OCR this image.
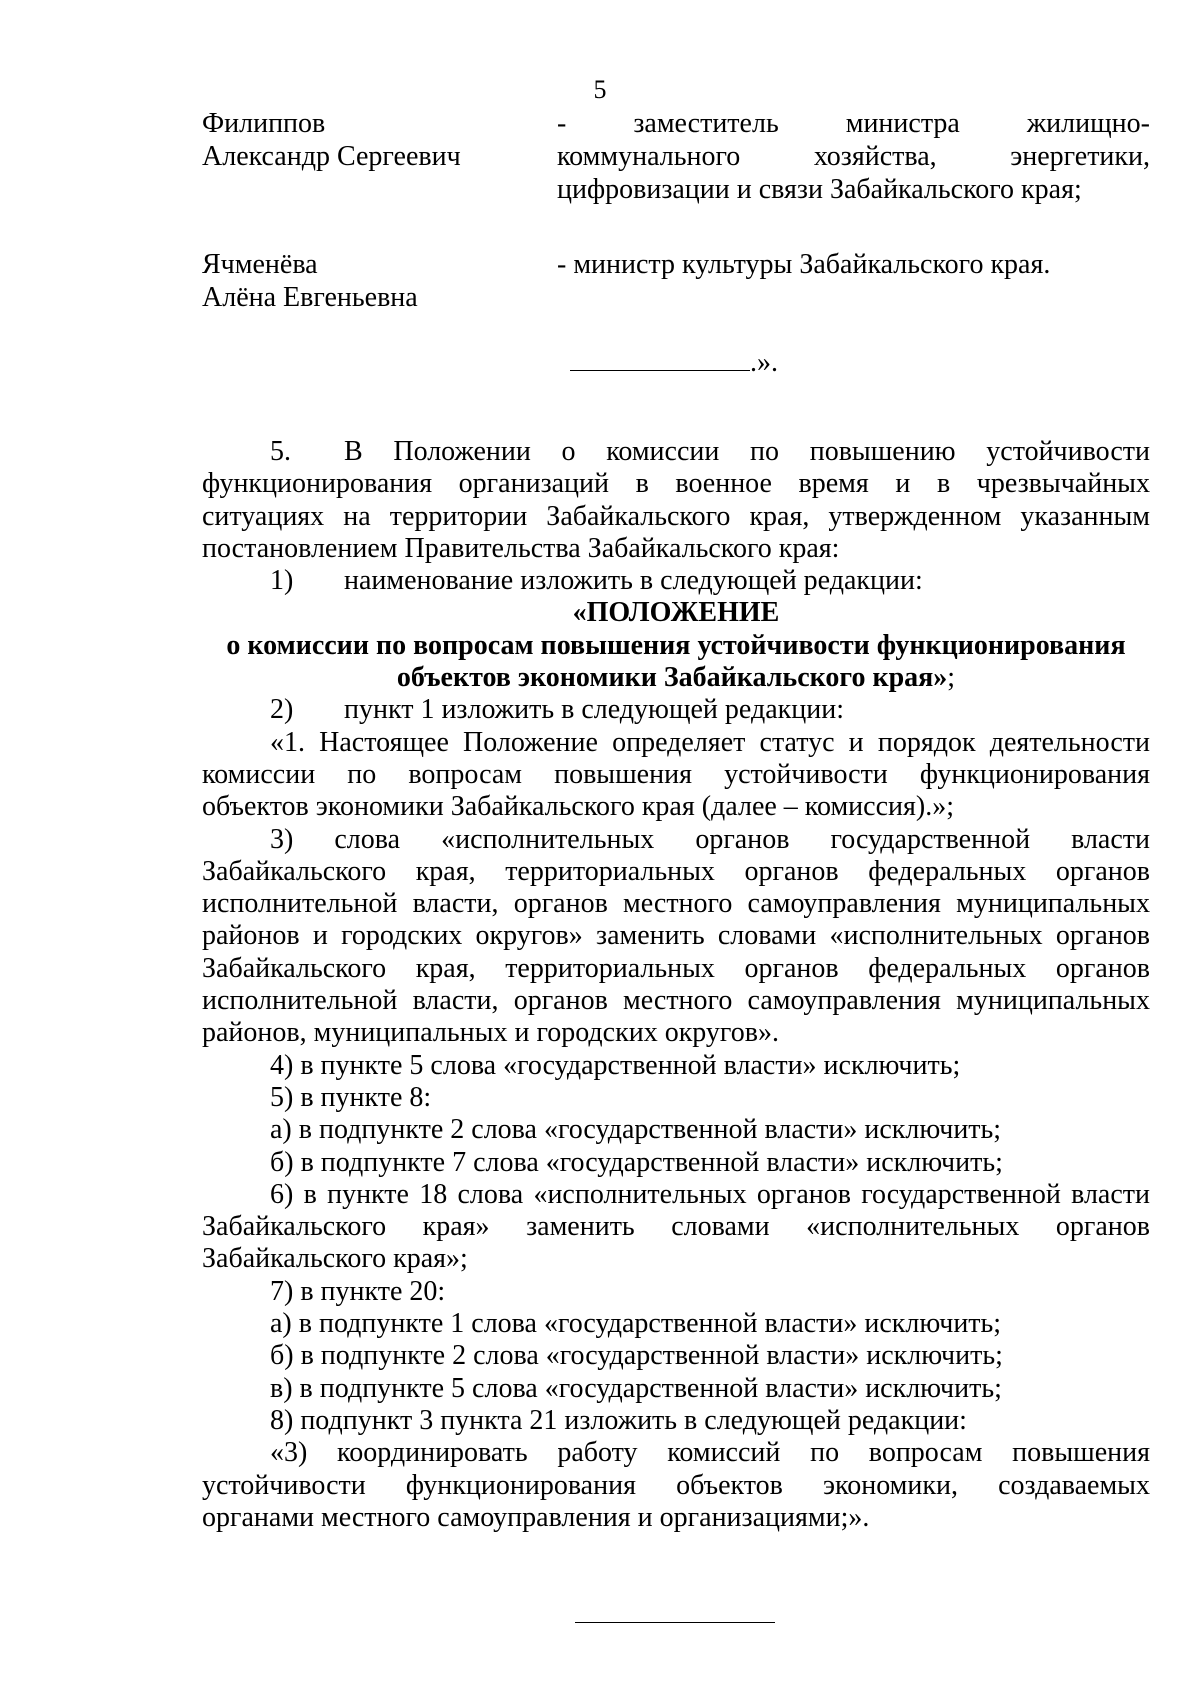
5
Филиппов
Александр Сергеевич
- заместитель министра жилищно-
коммунального хозяйства, энергетики,
цифровизации и связи Забайкальского края;
Ячменёва
Алёна Евгеньевна
- министр культуры Забайкальского края.
.».
5. В Положении о комиссии по повышению устойчивости
функционирования организаций в военное время и в чрезвычайных
ситуациях на территории Забайкальского края, утвержденном указанным
постановлением Правительства Забайкальского края:
1) наименование изложить в следующей редакции:
«ПОЛОЖЕНИЕ
о комиссии по вопросам повышения устойчивости функционирования
объектов экономики Забайкальского края»;
2) пункт 1 изложить в следующей редакции:
«1. Настоящее Положение определяет статус и порядок деятельности
комиссии по вопросам повышения устойчивости функционирования
объектов экономики Забайкальского края (далее – комиссия).»;
3) слова «исполнительных органов государственной власти
Забайкальского края, территориальных органов федеральных органов
исполнительной власти, органов местного самоуправления муниципальных
районов и городских округов» заменить словами «исполнительных органов
Забайкальского края, территориальных органов федеральных органов
исполнительной власти, органов местного самоуправления муниципальных
районов, муниципальных и городских округов».
4) в пункте 5 слова «государственной власти» исключить;
5) в пункте 8:
а) в подпункте 2 слова «государственной власти» исключить;
б) в подпункте 7 слова «государственной власти» исключить;
6) в пункте 18 слова «исполнительных органов государственной власти
Забайкальского края» заменить словами «исполнительных органов
Забайкальского края»;
7) в пункте 20:
а) в подпункте 1 слова «государственной власти» исключить;
б) в подпункте 2 слова «государственной власти» исключить;
в) в подпункте 5 слова «государственной власти» исключить;
8) подпункт 3 пункта 21 изложить в следующей редакции:
«3) координировать работу комиссий по вопросам повышения
устойчивости функционирования объектов экономики, создаваемых
органами местного самоуправления и организациями;».
